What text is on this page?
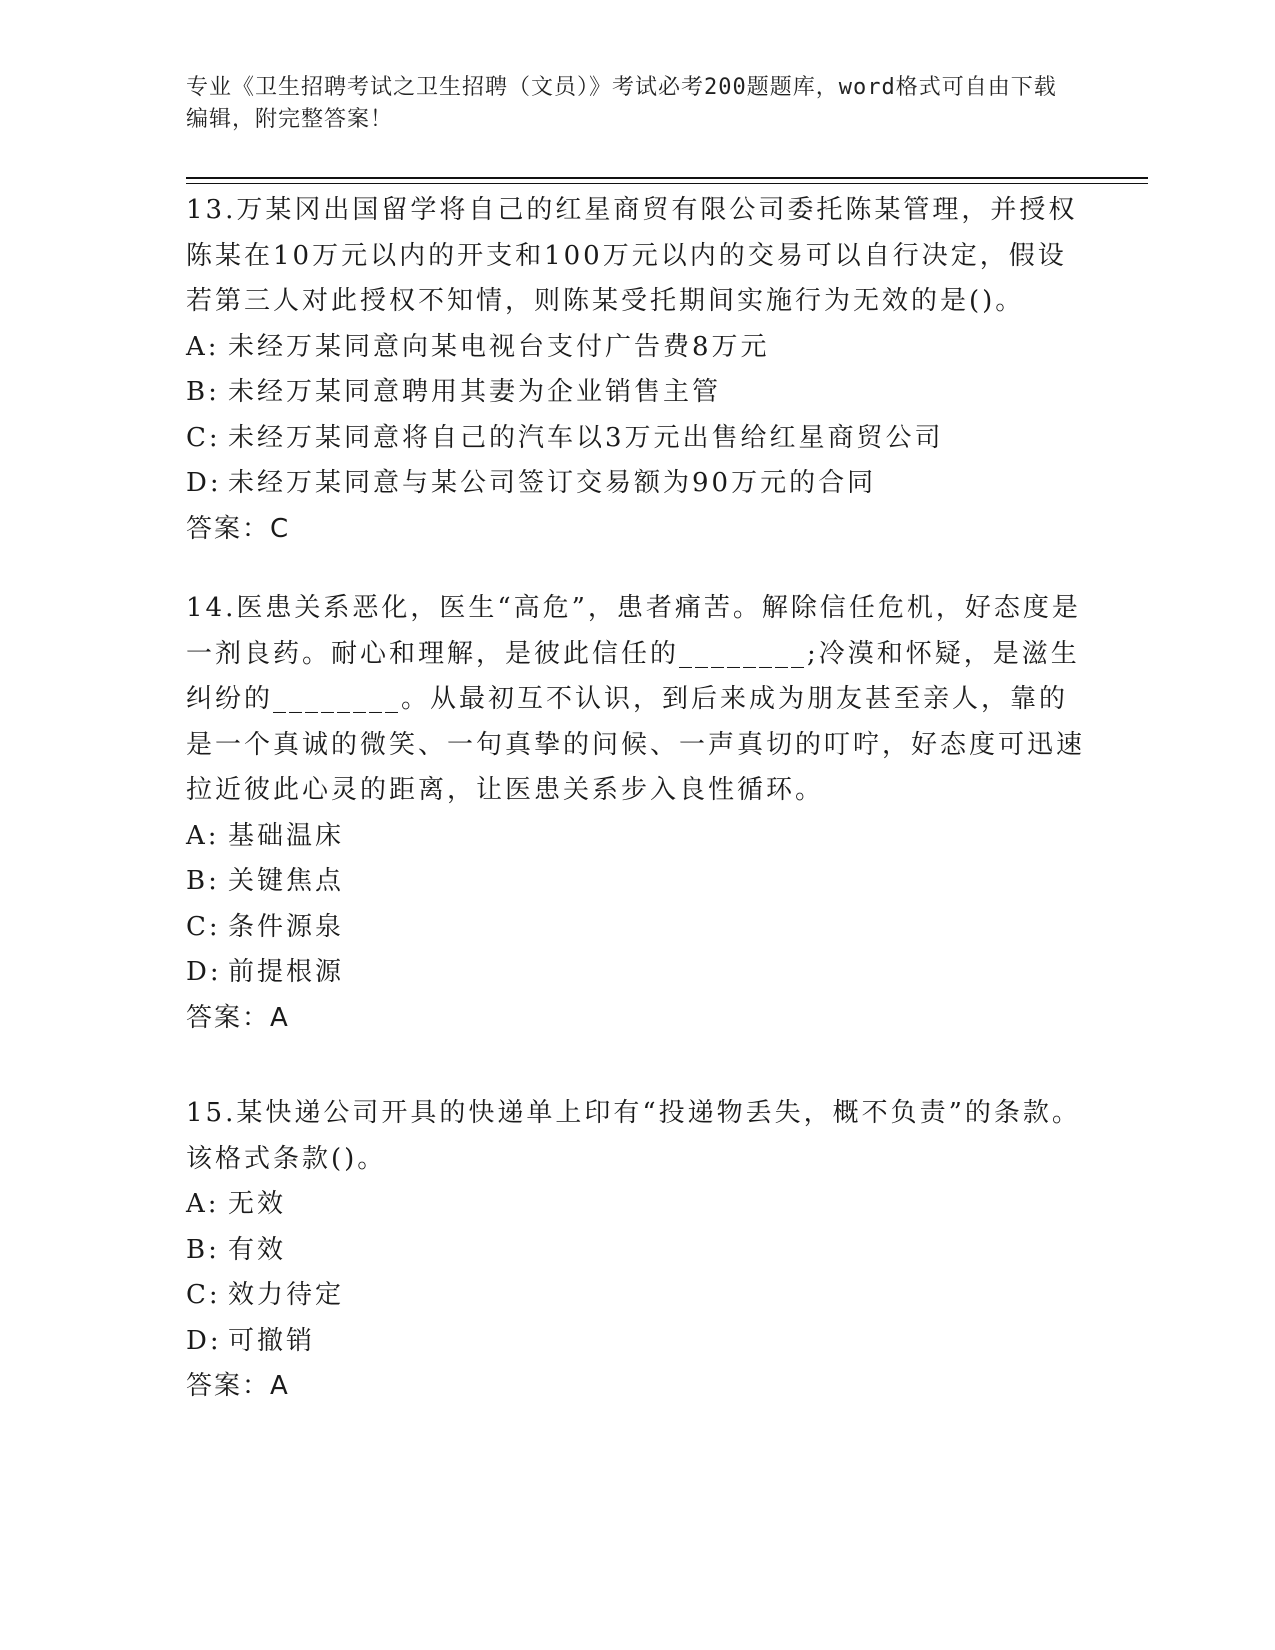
专业《卫生招聘考试之卫生招聘（文员）》考试必考200题题库，word格式可自由下载编辑，附完整答案！

13.万某冈出国留学将自己的红星商贸有限公司委托陈某管理，并授权陈某在10万元以内的开支和100万元以内的交易可以自行决定，假设若第三人对此授权不知情，则陈某受托期间实施行为无效的是()。

A: 未经万某同意向某电视台支付广告费8万元

B: 未经万某同意聘用其妻为企业销售主管

C: 未经万某同意将自己的汽车以3万元出售给红星商贸公司

D: 未经万某同意与某公司签订交易额为90万元的合同

答案：C

14.医患关系恶化，医生“高危”，患者痛苦。解除信任危机，好态度是一剂良药。耐心和理解，是彼此信任的________;冷漠和怀疑，是滋生纠纷的________。从最初互不认识，到后来成为朋友甚至亲人，靠的是一个真诚的微笑、一句真挚的问候、一声真切的叮咛，好态度可迅速拉近彼此心灵的距离，让医患关系步入良性循环。

A: 基础温床

B: 关键焦点

C: 条件源泉

D: 前提根源

答案：A

15.某快递公司开具的快递单上印有“投递物丢失，概不负责”的条款。该格式条款()。

A: 无效

B: 有效

C: 效力待定

D: 可撤销

答案：A
